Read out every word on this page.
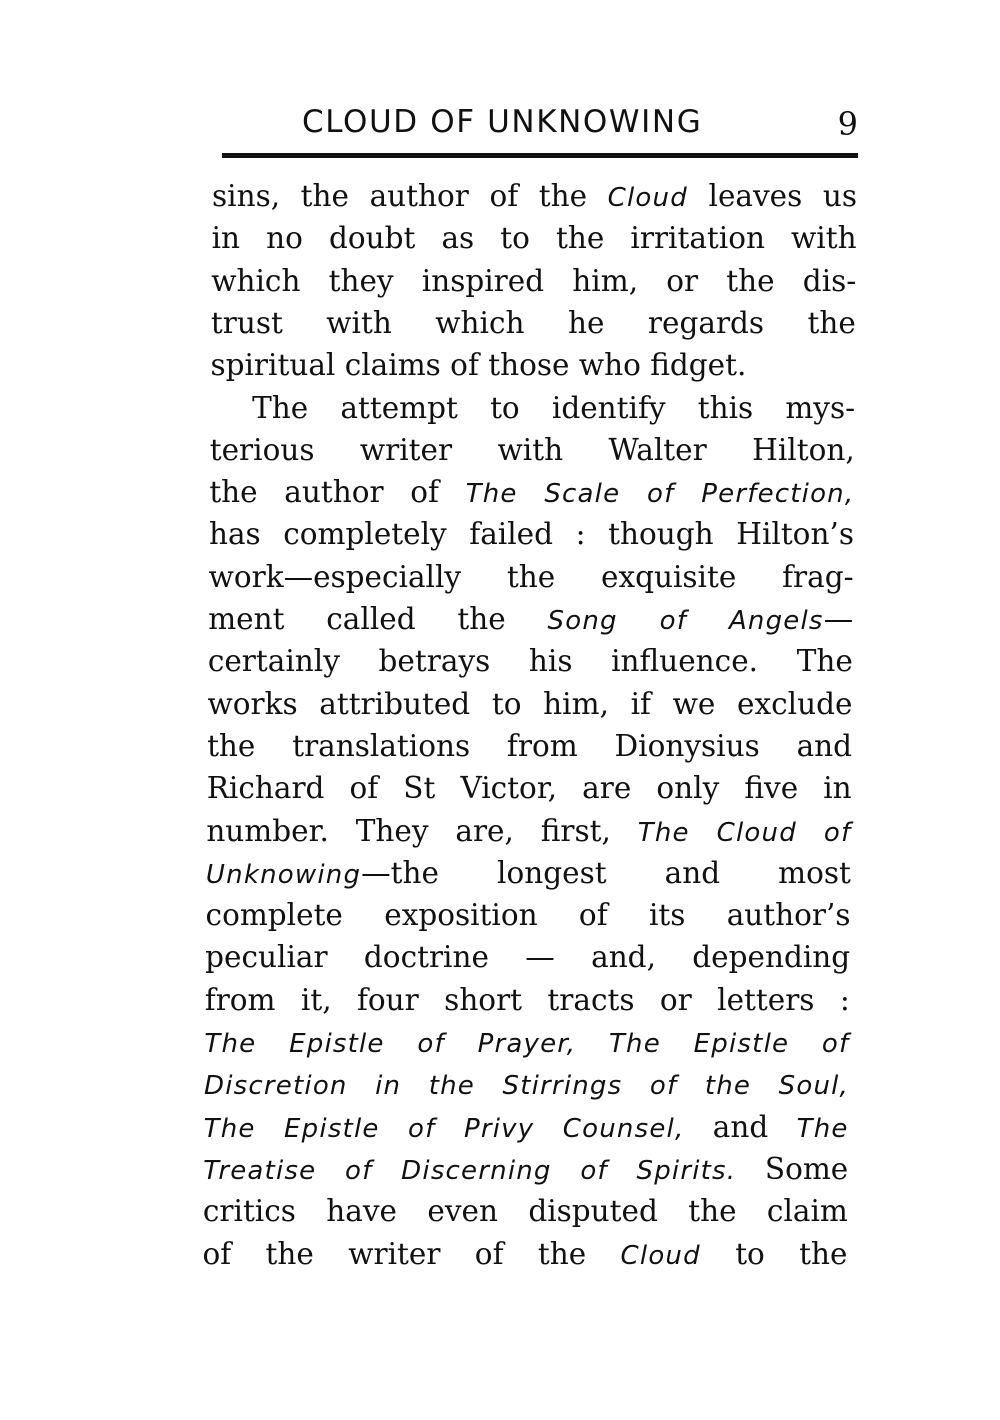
CLOUD OF UNKNOWING	9
sins, the author of the Cloud leaves us
in no doubt as to the irritation with
which they inspired him, or the dis-
trust with which he regards the
spiritual claims of those who fidget.
The attempt to identify this mys-
terious writer with Walter Hilton,
the author of The Scale of Perfection,
has completely failed : though Hilton’s
work—especially the exquisite frag-
ment called the Song of Angels—
certainly betrays his influence. The
works attributed to him, if we exclude
the translations from Dionysius and
Richard of St Victor, are only five in
number. They are, first, The Cloud of
Unknowing—the longest and most
complete exposition of its author’s
peculiar doctrine — and, depending
from it, four short tracts or letters :
The Epistle of Prayer, The Epistle of
Discretion in the Stirrings of the Soul,
The Epistle of Privy Counsel, and The
Treatise of Discerning of Spirits. Some
critics have even disputed the claim
of the writer of the Cloud to the
